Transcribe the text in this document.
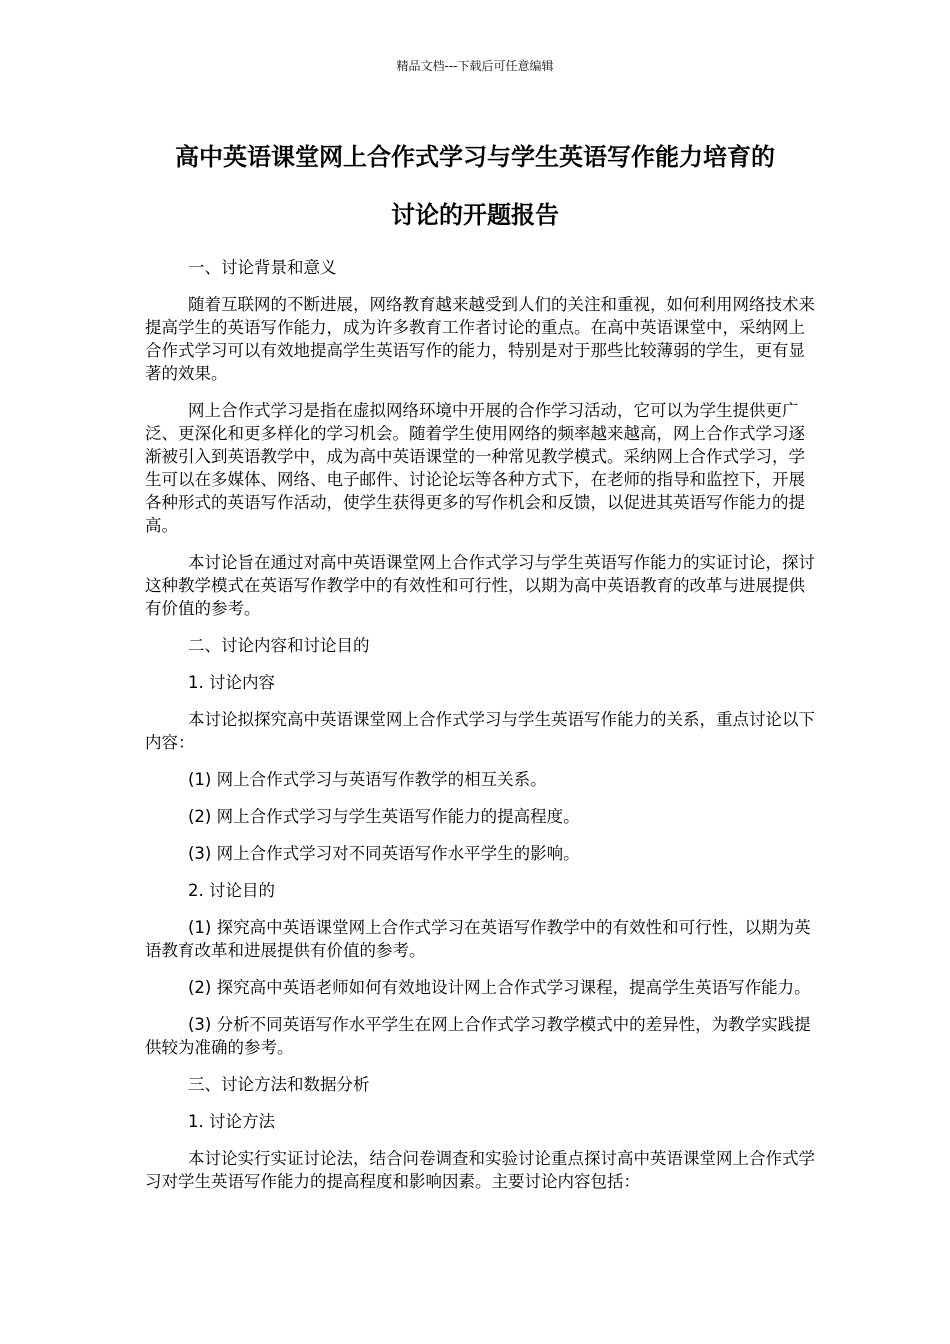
精品文档---下载后可任意编辑
高中英语课堂网上合作式学习与学生英语写作能力培育的
讨论的开题报告

一、讨论背景和意义

随着互联网的不断进展，网络教育越来越受到人们的关注和重视，如何利用网络技术来提高学生的英语写作能力，成为许多教育工作者讨论的重点。在高中英语课堂中，采纳网上合作式学习可以有效地提高学生英语写作的能力，特别是对于那些比较薄弱的学生，更有显著的效果。

网上合作式学习是指在虚拟网络环境中开展的合作学习活动，它可以为学生提供更广泛、更深化和更多样化的学习机会。随着学生使用网络的频率越来越高，网上合作式学习逐渐被引入到英语教学中，成为高中英语课堂的一种常见教学模式。采纳网上合作式学习，学生可以在多媒体、网络、电子邮件、讨论论坛等各种方式下，在老师的指导和监控下，开展各种形式的英语写作活动，使学生获得更多的写作机会和反馈，以促进其英语写作能力的提高。

本讨论旨在通过对高中英语课堂网上合作式学习与学生英语写作能力的实证讨论，探讨这种教学模式在英语写作教学中的有效性和可行性，以期为高中英语教育的改革与进展提供有价值的参考。

二、讨论内容和讨论目的

1. 讨论内容

本讨论拟探究高中英语课堂网上合作式学习与学生英语写作能力的关系，重点讨论以下内容：

(1) 网上合作式学习与英语写作教学的相互关系。

(2) 网上合作式学习与学生英语写作能力的提高程度。

(3) 网上合作式学习对不同英语写作水平学生的影响。

2. 讨论目的

(1) 探究高中英语课堂网上合作式学习在英语写作教学中的有效性和可行性，以期为英语教育改革和进展提供有价值的参考。

(2) 探究高中英语老师如何有效地设计网上合作式学习课程，提高学生英语写作能力。

(3) 分析不同英语写作水平学生在网上合作式学习教学模式中的差异性，为教学实践提供较为准确的参考。

三、讨论方法和数据分析

1. 讨论方法

本讨论实行实证讨论法，结合问卷调查和实验讨论重点探讨高中英语课堂网上合作式学习对学生英语写作能力的提高程度和影响因素。主要讨论内容包括：
